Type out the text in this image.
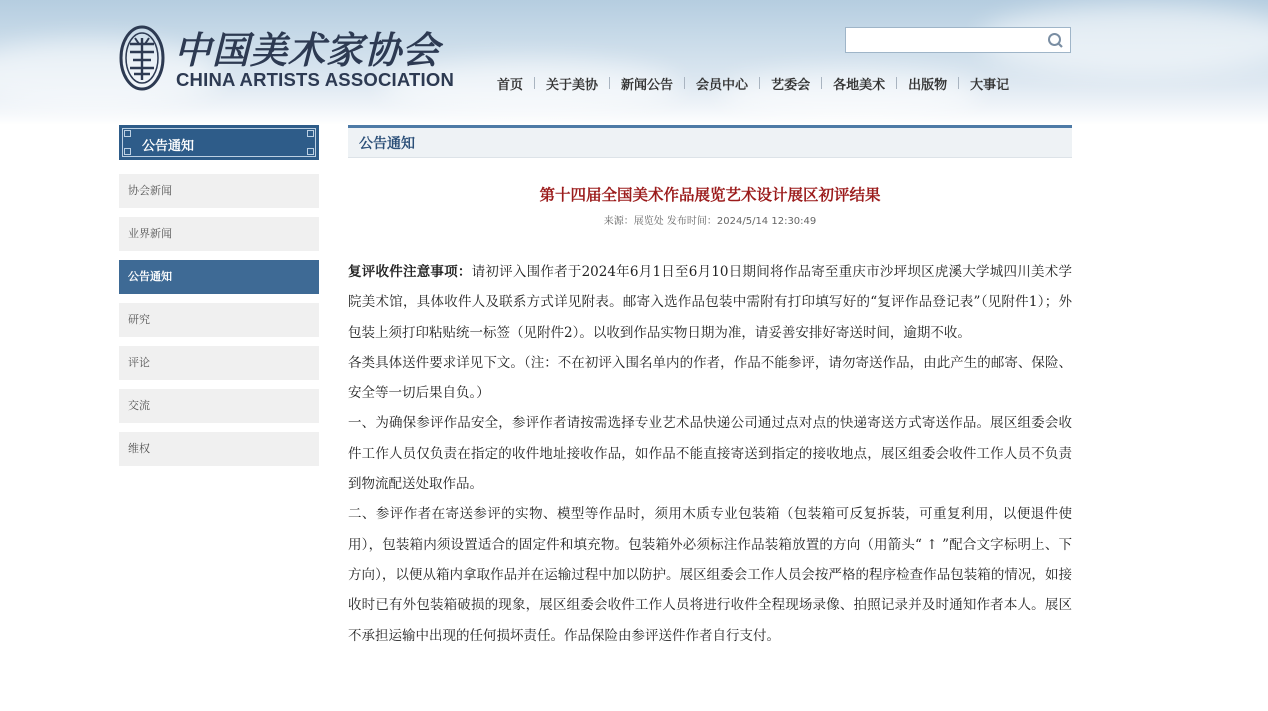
中国美术家协会
CHINA ARTISTS ASSOCIATION	首页	关于美协	新闻公告	会员中心	艺委会	各地美术	出版物	大事记
公告通知
协会新闻
业界新闻
公告通知
研究
评论
交流
维权
公告通知
第十四届全国美术作品展览艺术设计展区初评结果
来源：展览处 发布时间：2024/5/14 12:30:49

复评收件注意事项：请初评入围作者于2024年6月1日至6月10日期间将作品寄至重庆市沙坪坝区虎溪大学城四川美术学院美术馆，具体收件人及联系方式详见附表。邮寄入选作品包装中需附有打印填写好的“复评作品登记表”（见附件1）；外包装上须打印粘贴统一标签（见附件2）。以收到作品实物日期为准，请妥善安排好寄送时间，逾期不收。

各类具体送件要求详见下文。（注：不在初评入围名单内的作者，作品不能参评，请勿寄送作品，由此产生的邮寄、保险、安全等一切后果自负。）

一、为确保参评作品安全，参评作者请按需选择专业艺术品快递公司通过点对点的快递寄送方式寄送作品。展区组委会收件工作人员仅负责在指定的收件地址接收作品，如作品不能直接寄送到指定的接收地点，展区组委会收件工作人员不负责到物流配送处取作品。

二、参评作者在寄送参评的实物、模型等作品时，须用木质专业包装箱（包装箱可反复拆装，可重复利用，以便退件使用），包装箱内须设置适合的固定件和填充物。包装箱外必须标注作品装箱放置的方向（用箭头“ ↑ ”配合文字标明上、下方向），以便从箱内拿取作品并在运输过程中加以防护。展区组委会工作人员会按严格的程序检查作品包装箱的情况，如接收时已有外包装箱破损的现象，展区组委会收件工作人员将进行收件全程现场录像、拍照记录并及时通知作者本人。展区不承担运输中出现的任何损坏责任。作品保险由参评送件作者自行支付。
